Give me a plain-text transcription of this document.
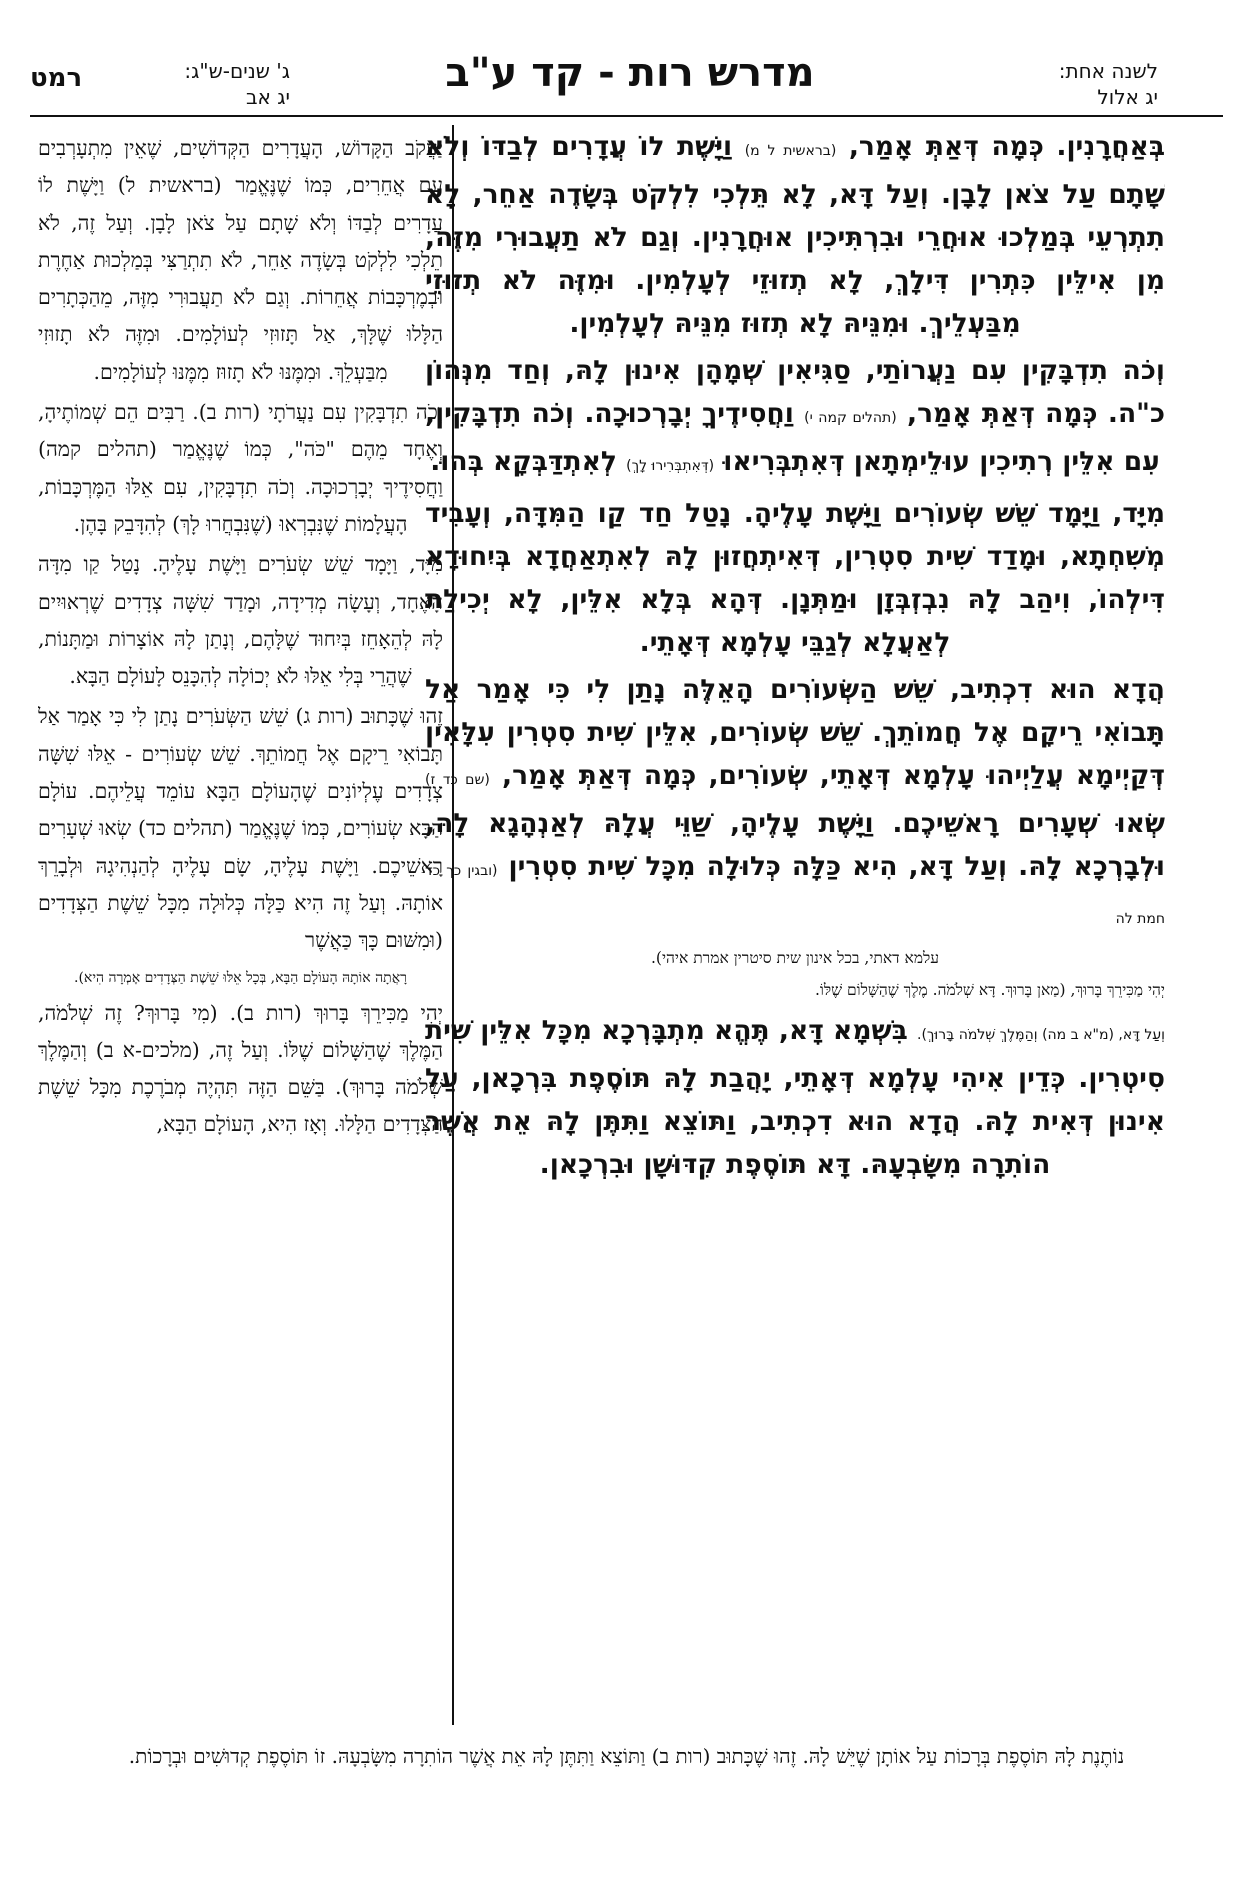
רמט	ג' שנים-ש"ג:
יג אב
מדרש רות - קד ע"ב	לשנה אחת:
יג אלול

בְּאַחֲרָנִין. כְּמָה דְּאַתְּ אָמַר, (בראשית ל מ) וַיָּשֶׁת לוֹ עֲדָרִים לְבַדּוֹ וְלֹא שָׁתָם עַל צֹאן לָבָן. וְעַל דָּא, לָא תֵּלְכִי לִלְקֹט בְּשָׂדֶה אַחֵר, לָא תִתְרְעֵי בְּמַלְכוּ אוּחֲרֵי וּבִרְתִּיכִין אוּחֲרָנִין. וְגַם לֹא תַעֲבוּרִי מִזֶּה, מִן אִילֵּין כִּתְרִין דִּילָךְ, לָא תְזוּזֵי לְעָלְמִין. וּמִזֶּה לֹא תְזוּזֵי מִבַּעְלֵיךְ. וּמִנֵּיהּ לָא תְזוּז מִנֵּיהּ לְעָלְמִין.

וְכֹה תִדְבָּקִין עִם נַעֲרוֹתַי, סַגִּיאִין שְׁמָהָן אִינוּן לָהּ, וְחַד מִנְּהוֹן כ"ה. כְּמָה דְּאַתְּ אָמַר, (תהלים קמה י) וַחֲסִידֶיךָ יְבָרְכוּכָה. וְכֹה תִדְבָּקִין, עִם אִלֵּין רְתִיכִין עוּלֵימְתָאן דְּאִתְבְּרִיאוּ (דְּאִתְבְּרִירוּ לָךְ) לְאִתְדַּבְּקָא בְּהוּ.

מִיָּד, וַיָּמָד שֵׁשׁ שְׂעוֹרִים וַיָּשֶׁת עָלֶיהָ. נָטַל חַד קַו הַמִּדָּה, וְעָבִיד מְשִׁחְתָא, וּמָדַד שִׁית סִטְרִין, דְּאִיתְחֲזוּן לָהּ לְאִתְאַחֲדָא בְּיִחוּדָא דִּילְהוֹ, וִיהַב לָהּ נִבְזְבְּזָן וּמַתְּנָן. דְּהָא בְּלָא אִלֵּין, לָא יְכִילַת לְאַעֲלָא לְגַבֵּי עָלְמָא דְּאָתֵי.

הֲדָא הוּא דִכְתִיב, שֵׁשׁ הַשְּׂעוֹרִים הָאֵלֶּה נָתַן לִי כִּי אָמַר אַל תָּבוֹאִי רֵיקָם אֶל חֲמוֹתֵךְ. שֵׁשׁ שְׂעוֹרִים, אִלֵּין שִׁית סִטְרִין עִלָּאִין דְּקַיְימָא עֲלַיְיהוּ עָלְמָא דְּאָתֵי, שְׂעוֹרִים, כְּמָה דְּאַתְּ אָמַר, (שם כד ז) שְׂאוּ שְׁעָרִים רָאשֵׁיכֶם. וַיָּשֶׁת עָלֶיהָ, שַׁוֵּי עֲלָהּ לְאַנְהָגָא לָהּ, וּלְבָרְכָא לָהּ. וְעַל דָּא, הִיא כַּלָּה כְּלוּלָה מִכָּל שִׁית סִטְרִין (ובגין כך כד חמת לה

עלמא דאתי, בכל אינון שית סיטרין אמרת איהי).

יְהִי מַכִּירֵךְ בָּרוּךְ, (מַאן בָּרוּךְ. דָּא שְׁלֹמֹה. מֶלֶךְ שֶׁהַשָּׁלוֹם שֶׁלּוֹ.

וְעַל דָּא, (מ"א ב מה) וְהַמֶּלֶךְ שְׁלֹמֹה בָּרוּךְ). בִּשְׁמָא דָּא, תֶּהֱא מִתְבָּרְכָא מִכָּל אִלֵּין שִׁית סִיטְרִין. כְּדֵין אִיהִי עָלְמָא דְּאָתֵי, יָהֲבַת לָהּ תּוֹסֶפֶת בִּרְכָאן, עַל אִינוּן דְּאִית לָהּ. הֲדָא הוּא דִכְתִיב, וַתּוֹצֵא וַתִּתֶּן לָהּ אֵת אֲשֶׁר הוֹתִרָה מִשָּׂבְעָהּ. דָּא תּוֹסֶפֶת קִדּוּשָׁן וּבִרְכָאן.

יַעֲקֹב הַקָּדוֹשׁ, הָעֲדָרִים הַקְּדוֹשִׁים, שֶׁאֵין מִתְעָרְבִים עִם אֲחֵרִים, כְּמוֹ שֶׁנֶּאֱמַר (בראשית ל) וַיָּשֶׁת לוֹ עֲדָרִים לְבַדּוֹ וְלֹא שָׁתָם עַל צֹאן לָבָן. וְעַל זֶה, לֹא תֵלְכִי לִלְקֹט בְּשָׂדֶה אַחֵר, לֹא תִתְרַצִּי בְּמַלְכוּת אַחֶרֶת וּבְמֶרְכָּבוֹת אֲחֵרוֹת. וְגַם לֹא תַעֲבוּרִי מִזֶּה, מֵהַכְּתָרִים הַלָּלוּ שֶׁלָּךְ, אַל תָּזוּזִי לְעוֹלָמִים. וּמִזֶּה לֹא תָזוּזִי מִבַּעְלֵךְ. וּמִמֶּנּוּ לֹא תָזוּז מִמֶּנּוּ לְעוֹלָמִים.

וְכֹה תִדְבָּקִין עִם נַעֲרֹתָי (רות ב). רַבִּים הֵם שְׁמוֹתֶיהָ, וְאֶחָד מֵהֶם "כֹּה", כְּמוֹ שֶׁנֶּאֱמַר (תהלים קמה) וַחֲסִידֶיךָ יְבָרְכוּכָה. וְכֹה תִדְבָּקִין, עִם אֵלּוּ הַמֶּרְכָּבוֹת, הָעֲלָמוֹת שֶׁנִּבְרְאוּ (שֶׁנִּבְחֲרוּ לָךְ) לְהִדָּבֵק בָּהֶן.

מִיָּד, וַיָּמָד שֵׁשׁ שְׂעֹרִים וַיָּשֶׁת עָלֶיהָ. נָטַל קַו מִדָּה הָאֶחָד, וְעָשָׂה מְדִידָה, וּמָדַד שִׁשָּׁה צְדָדִים שֶׁרְאוּיִים לָהּ לְהֵאָחֵז בְּיִחוּד שֶׁלָּהֶם, וְנָתַן לָהּ אוֹצָרוֹת וּמַתָּנוֹת, שֶׁהֲרֵי בְּלִי אֵלּוּ לֹא יְכוֹלָה לְהִכָּנֵס לָעוֹלָם הַבָּא.

זֶהוּ שֶׁכָּתוּב (רות ג) שֵׁשׁ הַשְּׂעֹרִים נָתַן לִי כִּי אָמַר אַל תָּבוֹאִי רֵיקָם אֶל חֲמוֹתֵךְ. שֵׁשׁ שְׂעוֹרִים - אֵלּוּ שִׁשָּׁה צְדָדִים עֶלְיוֹנִים שֶׁהָעוֹלָם הַבָּא עוֹמֵד עֲלֵיהֶם. עוֹלָם הַבָּא שְׂעוֹרִים, כְּמוֹ שֶׁנֶּאֱמַר (תהלים כד) שְׂאוּ שְׁעָרִים רָאשֵׁיכֶם. וַיָּשֶׁת עָלֶיהָ, שָׂם עָלֶיהָ לְהַנְהִיגָהּ וּלְבָרֵךְ אוֹתָהּ. וְעַל זֶה הִיא כַּלָּה כְּלוּלָה מִכָּל שֵׁשֶׁת הַצְּדָדִים (וּמִשּׁוּם כָּךְ כַּאֲשֶׁר

רָאֲתָה אוֹתָהּ הָעוֹלָם הַבָּא, בְּכָל אֵלּוּ שֵׁשֶׁת הַצְּדָדִים אָמְרָה הִיא).

יְהִי מַכִּירֵךְ בָּרוּךְ (רות ב). (מִי בָּרוּךְ? זֶה שְׁלֹמֹה, הַמֶּלֶךְ שֶׁהַשָּׁלוֹם שֶׁלּוֹ. וְעַל זֶה, (מלכים-א ב) וְהַמֶּלֶךְ שְׁלֹמֹה בָּרוּךְ). בַּשֵּׁם הַזֶּה תִּהְיֶה מְבֹרֶכֶת מִכָּל שֵׁשֶׁת הַצְּדָדִים הַלָּלוּ. וְאָז הִיא, הָעוֹלָם הַבָּא,

נוֹתֶנֶת לָהּ תּוֹסֶפֶת בְּרָכוֹת עַל אוֹתָן שֶׁיֵּשׁ לָהּ. זֶהוּ שֶׁכָּתוּב (רות ב) וַתּוֹצֵא וַתִּתֶּן לָהּ אֵת אֲשֶׁר הוֹתִרָה מִשָּׂבְעָהּ. זוֹ תּוֹסֶפֶת קְדוּשִׁים וּבְרָכוֹת.
